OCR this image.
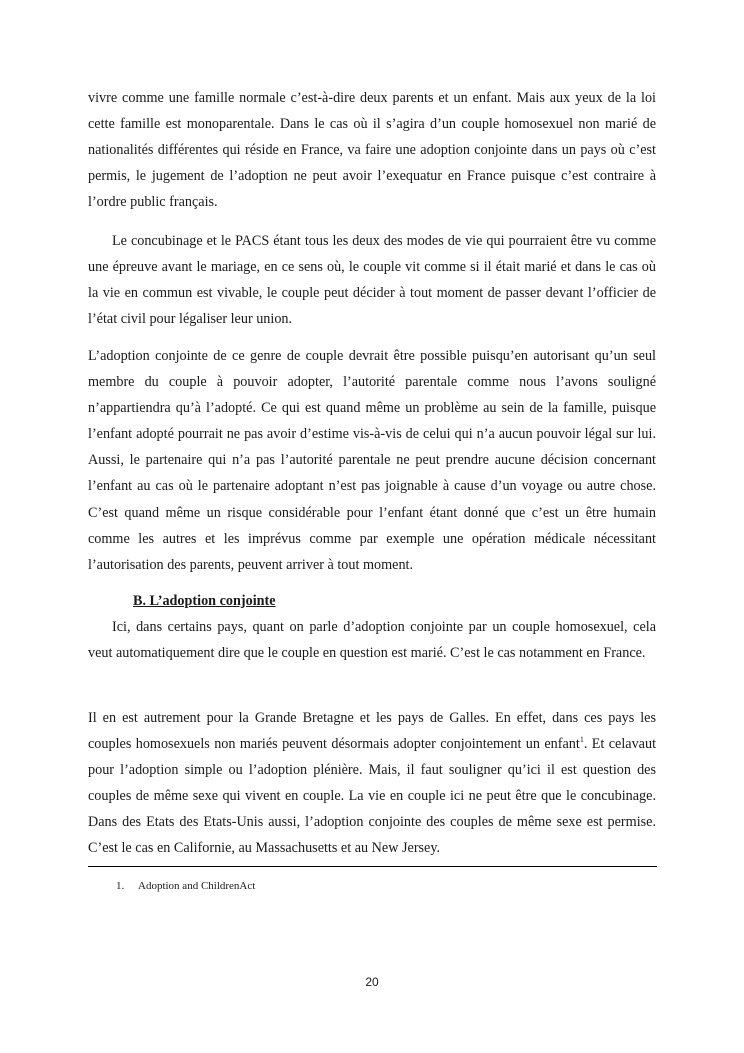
vivre comme une famille normale c’est-à-dire deux parents et un enfant. Mais aux yeux de la loi cette famille est monoparentale. Dans le cas où il s’agira d’un couple homosexuel non marié de nationalités différentes qui réside en France, va faire une adoption conjointe dans un pays où c’est permis, le jugement de l’adoption ne peut avoir l’exequatur en France puisque c’est contraire à l’ordre public français.

Le concubinage et le PACS étant tous les deux des modes de vie qui pourraient être vu comme une épreuve avant le mariage, en ce sens où, le couple vit comme si il était marié et dans le cas où la vie en commun est vivable, le couple peut décider à tout moment de passer devant l’officier de l’état civil pour légaliser leur union.

L’adoption conjointe de ce genre de couple devrait être possible puisqu’en autorisant qu’un seul membre du couple à pouvoir adopter, l’autorité parentale comme nous l’avons souligné n’appartiendra qu’à l’adopté. Ce qui est quand même un problème au sein de la famille, puisque l’enfant adopté pourrait ne pas avoir d’estime vis-à-vis de celui qui n’a aucun pouvoir légal sur lui. Aussi, le partenaire qui n’a pas l’autorité parentale ne peut prendre aucune décision concernant l’enfant au cas où le partenaire adoptant n’est pas joignable à cause d’un voyage ou autre chose. C’est quand même un risque considérable pour l’enfant étant donné que c’est un être humain comme les autres et les imprévus comme par exemple une opération médicale nécessitant l’autorisation des parents, peuvent arriver à tout moment.

B. L’adoption conjointe

Ici, dans certains pays, quant on parle d’adoption conjointe par un couple homosexuel, cela veut automatiquement dire que le couple en question est marié. C’est le cas notamment en France.

Il en est autrement pour la Grande Bretagne et les pays de Galles. En effet, dans ces pays les couples homosexuels non mariés peuvent désormais adopter conjointement un enfant$^1$. Et celavaut pour l’adoption simple ou l’adoption plénière. Mais, il faut souligner qu’ici il est question des couples de même sexe qui vivent en couple. La vie en couple ici ne peut être que le concubinage. Dans des Etats des Etats-Unis aussi, l’adoption conjointe des couples de même sexe est permise. C’est le cas en Californie, au Massachusetts et au New Jersey.

1. Adoption and ChildrenAct

20
